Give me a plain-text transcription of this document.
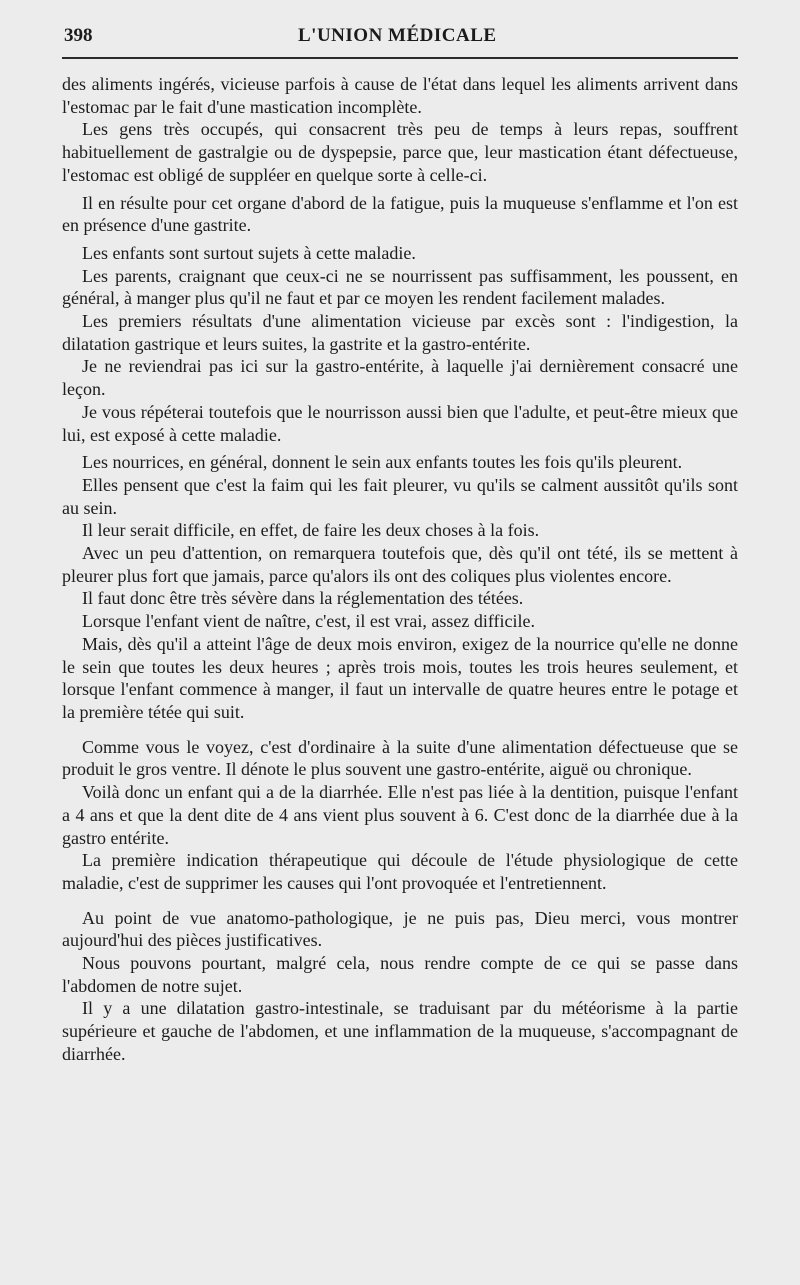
398	L'UNION MÉDICALE

des aliments ingérés, vicieuse parfois à cause de l'état dans lequel les aliments arrivent dans l'estomac par le fait d'une mastication incomplète.

Les gens très occupés, qui consacrent très peu de temps à leurs repas, souffrent habituellement de gastralgie ou de dyspepsie, parce que, leur mastication étant défectueuse, l'estomac est obligé de suppléer en quelque sorte à celle-ci.

Il en résulte pour cet organe d'abord de la fatigue, puis la muqueuse s'enflamme et l'on est en présence d'une gastrite.

Les enfants sont surtout sujets à cette maladie.

Les parents, craignant que ceux-ci ne se nourrissent pas suffisamment, les poussent, en général, à manger plus qu'il ne faut et par ce moyen les rendent facilement malades.

Les premiers résultats d'une alimentation vicieuse par excès sont : l'indigestion, la dilatation gastrique et leurs suites, la gastrite et la gastro-entérite.

Je ne reviendrai pas ici sur la gastro-entérite, à laquelle j'ai dernièrement consacré une leçon.

Je vous répéterai toutefois que le nourrisson aussi bien que l'adulte, et peut-être mieux que lui, est exposé à cette maladie.

Les nourrices, en général, donnent le sein aux enfants toutes les fois qu'ils pleurent.

Elles pensent que c'est la faim qui les fait pleurer, vu qu'ils se calment aussitôt qu'ils sont au sein.

Il leur serait difficile, en effet, de faire les deux choses à la fois.

Avec un peu d'attention, on remarquera toutefois que, dès qu'il ont tété, ils se mettent à pleurer plus fort que jamais, parce qu'alors ils ont des coliques plus violentes encore.

Il faut donc être très sévère dans la réglementation des tétées.

Lorsque l'enfant vient de naître, c'est, il est vrai, assez difficile.

Mais, dès qu'il a atteint l'âge de deux mois environ, exigez de la nourrice qu'elle ne donne le sein que toutes les deux heures ; après trois mois, toutes les trois heures seulement, et lorsque l'enfant commence à manger, il faut un intervalle de quatre heures entre le potage et la première tétée qui suit.

Comme vous le voyez, c'est d'ordinaire à la suite d'une alimentation défectueuse que se produit le gros ventre. Il dénote le plus souvent une gastro-entérite, aiguë ou chronique.

Voilà donc un enfant qui a de la diarrhée. Elle n'est pas liée à la dentition, puisque l'enfant a 4 ans et que la dent dite de 4 ans vient plus souvent à 6. C'est donc de la diarrhée due à la gastro entérite.

La première indication thérapeutique qui découle de l'étude physiologique de cette maladie, c'est de supprimer les causes qui l'ont provoquée et l'entretiennent.

Au point de vue anatomo-pathologique, je ne puis pas, Dieu merci, vous montrer aujourd'hui des pièces justificatives.

Nous pouvons pourtant, malgré cela, nous rendre compte de ce qui se passe dans l'abdomen de notre sujet.

Il y a une dilatation gastro-intestinale, se traduisant par du météorisme à la partie supérieure et gauche de l'abdomen, et une inflammation de la muqueuse, s'accompagnant de diarrhée.
